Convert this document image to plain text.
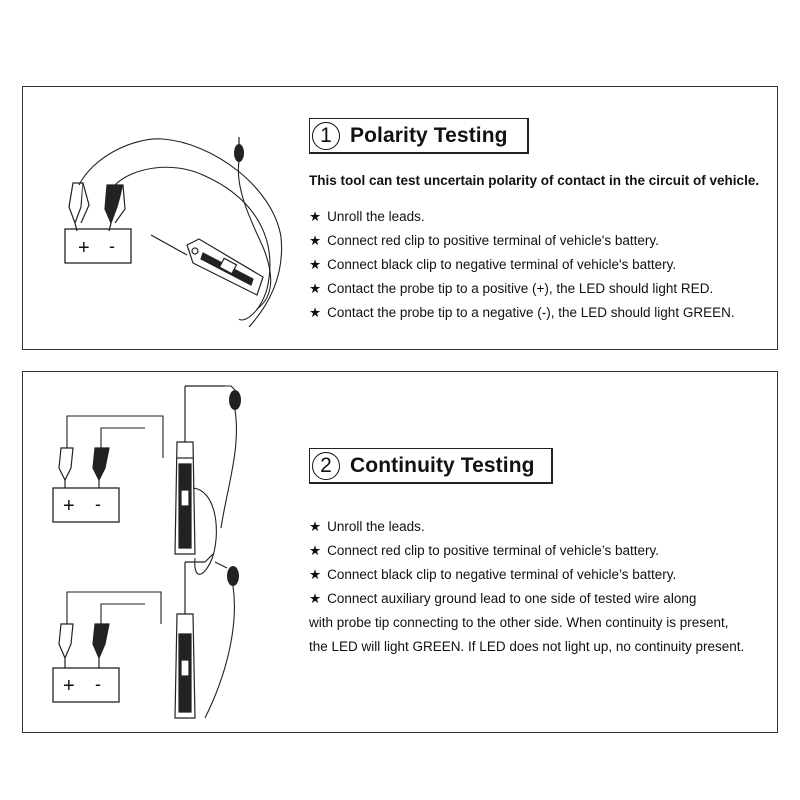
+ -
1 Polarity Testing
This tool can test uncertain polarity of contact in the circuit of vehicle.
★ Unroll the leads.
★ Connect red clip to positive terminal of vehicle's battery.
★ Connect black clip to negative terminal of vehicle's battery.
★ Contact the probe tip to a positive (+), the LED should light RED.
★ Contact the probe tip to a negative (-), the LED should light GREEN.
+ -
+ -
2 Continuity Testing
★ Unroll the leads.
★ Connect red clip to positive terminal of vehicle’s battery.
★ Connect black clip to negative terminal of vehicle’s battery.
★ Connect auxiliary ground lead to one side of tested wire along
with probe tip connecting to the other side. When continuity is present,
the LED will light GREEN. If LED does not light up, no continuity present.
